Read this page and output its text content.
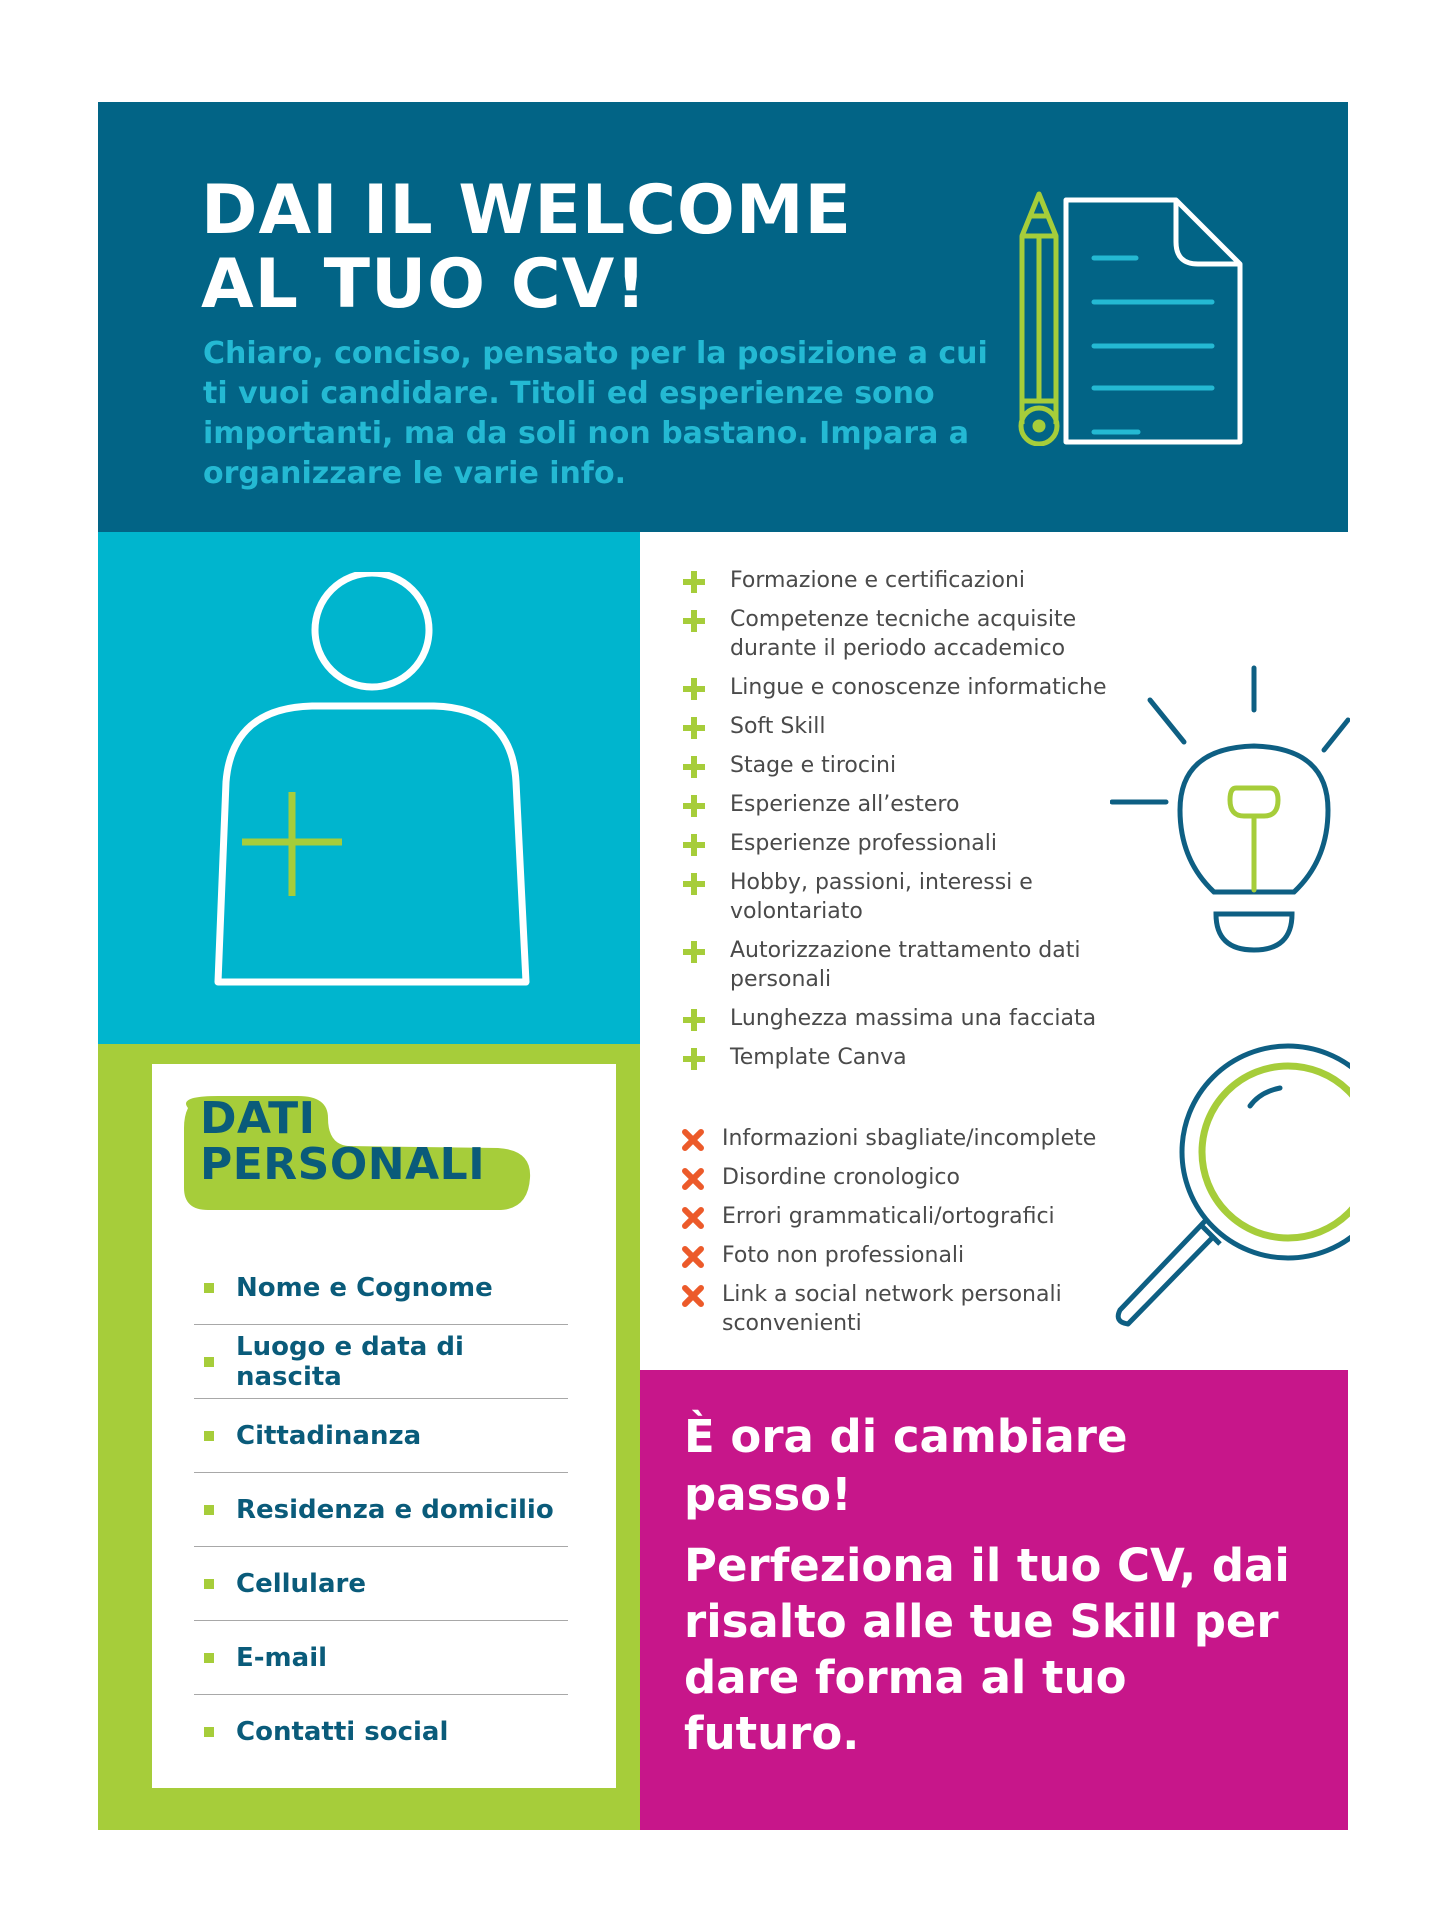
DAI IL WELCOME AL TUO CV!

Chiaro, conciso, pensato per la posizione a cui ti vuoi candidare. Titoli ed esperienze sono importanti, ma da soli non bastano. Impara a organizzare le varie info.

DATI PERSONALI
Nome e Cognome
Luogo e data di nascita
Cittadinanza
Residenza e domicilio
Cellulare
E-mail
Contatti social
Formazione e certificazioni
Competenze tecniche acquisite durante il periodo accademico
Lingue e conoscenze informatiche
Soft Skill
Stage e tirocini
Esperienze all’estero
Esperienze professionali
Hobby, passioni, interessi e volontariato
Autorizzazione trattamento dati personali
Lunghezza massima una facciata
Template Canva
Informazioni sbagliate/incomplete
Disordine cronologico
Errori grammaticali/ortografici
Foto non professionali
Link a social network personali sconvenienti

È ora di cambiare passo!

Perfeziona il tuo CV, dai risalto alle tue Skill per dare forma al tuo futuro.
